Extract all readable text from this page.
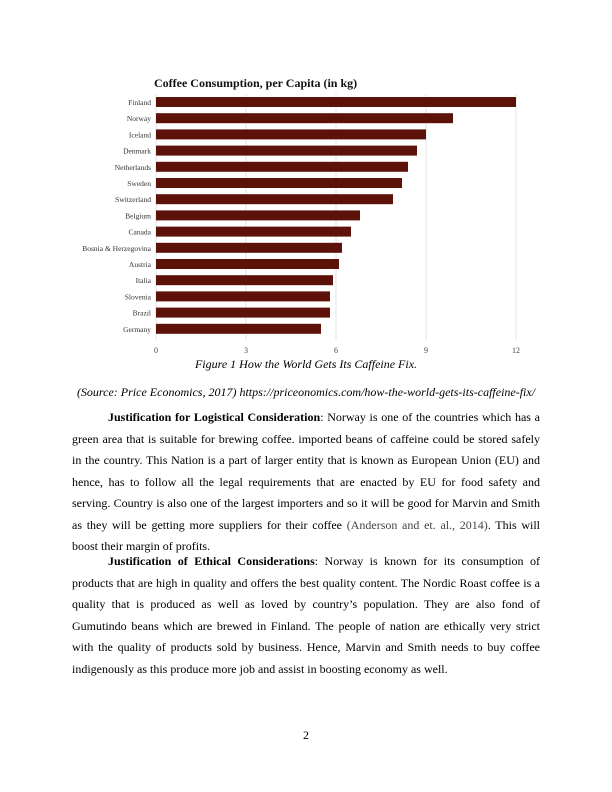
Coffee Consumption, per Capita (in kg)
Finland
Norway
Iceland
Denmark
Netherlands
Sweden
Switzerland
Belgium
Canada
Bosnia & Herzegovina
Austria
Italia
Slovenia
Brazil
Germany
0	3	6	9	12
Figure 1 How the World Gets Its Caffeine Fix.
(Source: Price Economics, 2017) https://priceonomics.com/how-the-world-gets-its-caffeine-fix/
Justification for Logistical Consideration: Norway is one of the countries which has a green area that is suitable for brewing coffee. imported beans of caffeine could be stored safely in the country. This Nation is a part of larger entity that is known as European Union (EU) and hence, has to follow all the legal requirements that are enacted by EU for food safety and serving. Country is also one of the largest importers and so it will be good for Marvin and Smith as they will be getting more suppliers for their coffee (Anderson and et. al., 2014). This will boost their margin of profits.
Justification of Ethical Considerations: Norway is known for its consumption of products that are high in quality and offers the best quality content. The Nordic Roast coffee is a quality that is produced as well as loved by country’s population. They are also fond of Gumutindo beans which are brewed in Finland. The people of nation are ethically very strict with the quality of products sold by business. Hence, Marvin and Smith needs to buy coffee indigenously as this produce more job and assist in boosting economy as well.
2
